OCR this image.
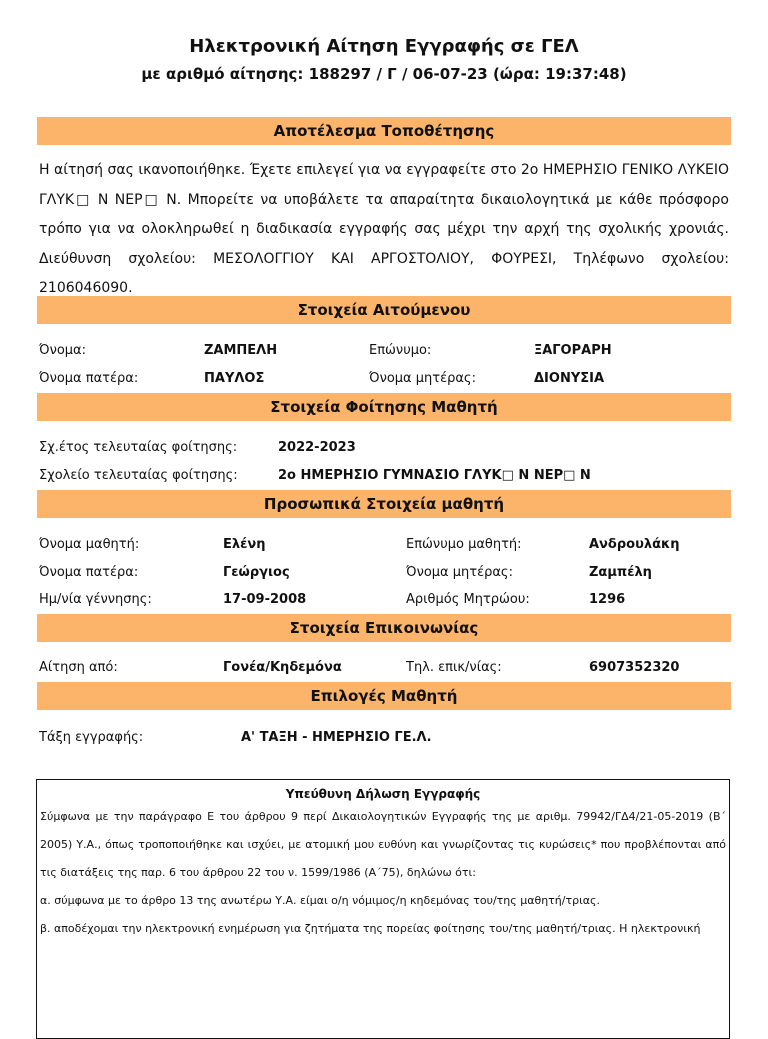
Ηλεκτρονική Αίτηση Εγγραφής σε ΓΕΛ
με αριθμό αίτησης: 188297 / Γ / 06-07-23 (ώρα: 19:37:48)
Αποτέλεσμα Τοποθέτησης

Η αίτησή σας ικανοποιήθηκε. Έχετε επιλεγεί για να εγγραφείτε στο 2ο ΗΜΕΡΗΣΙΟ ΓΕΝΙΚΟ ΛΥΚΕΙΟ ΓΛΥΚ□ Ν ΝΕΡ□ Ν. Μπορείτε να υποβάλετε τα απαραίτητα δικαιολογητικά με κάθε πρόσφορο τρόπο για να ολοκληρωθεί η διαδικασία εγγραφής σας μέχρι την αρχή της σχολικής χρονιάς. Διεύθυνση σχολείου: ΜΕΣΟΛΟΓΓΙΟΥ ΚΑΙ ΑΡΓΟΣΤΟΛΙΟΥ, ΦΟΥΡΕΣΙ, Τηλέφωνο σχολείου: 2106046090.

Στοιχεία Αιτούμενου
Όνομα:	ΖΑΜΠΕΛΗ	Επώνυμο:	ΞΑΓΟΡΑΡΗ
Όνομα πατέρα:	ΠΑΥΛΟΣ	Όνομα μητέρας:	ΔΙΟΝΥΣΙΑ
Στοιχεία Φοίτησης Μαθητή
Σχ.έτος τελευταίας φοίτησης:	2022-2023
Σχολείο τελευταίας φοίτησης:	2ο ΗΜΕΡΗΣΙΟ ΓΥΜΝΑΣΙΟ ΓΛΥΚ□ Ν ΝΕΡ□ Ν
Προσωπικά Στοιχεία μαθητή
Όνομα μαθητή:	Ελένη	Επώνυμο μαθητή:	Ανδρουλάκη
Όνομα πατέρα:	Γεώργιος	Όνομα μητέρας:	Ζαμπέλη
Ημ/νία γέννησης:	17-09-2008	Αριθμός Μητρώου:	1296
Στοιχεία Επικοινωνίας
Αίτηση από:	Γονέα/Κηδεμόνα	Τηλ. επικ/νίας:	6907352320
Επιλογές Μαθητή
Τάξη εγγραφής:	Α' ΤΑΞΗ - ΗΜΕΡΗΣΙΟ ΓΕ.Λ.
Υπεύθυνη Δήλωση Εγγραφής

Σύμφωνα με την παράγραφο Ε του άρθρου 9 περί Δικαιολογητικών Εγγραφής της με αριθμ. 79942/ΓΔ4/21-05-2019 (Β΄ 2005) Υ.Α., όπως τροποποιήθηκε και ισχύει, με ατομική μου ευθύνη και γνωρίζοντας τις κυρώσεις* που προβλέπονται από τις διατάξεις της παρ. 6 του άρθρου 22 του ν. 1599/1986 (Α΄75), δηλώνω ότι:

α. σύμφωνα με το άρθρο 13 της ανωτέρω Υ.Α. είμαι ο/η νόμιμος/η κηδεμόνας του/της μαθητή/τριας.

β. αποδέχομαι την ηλεκτρονική ενημέρωση για ζητήματα της πορείας φοίτησης του/της μαθητή/τριας. Η ηλεκτρονική
